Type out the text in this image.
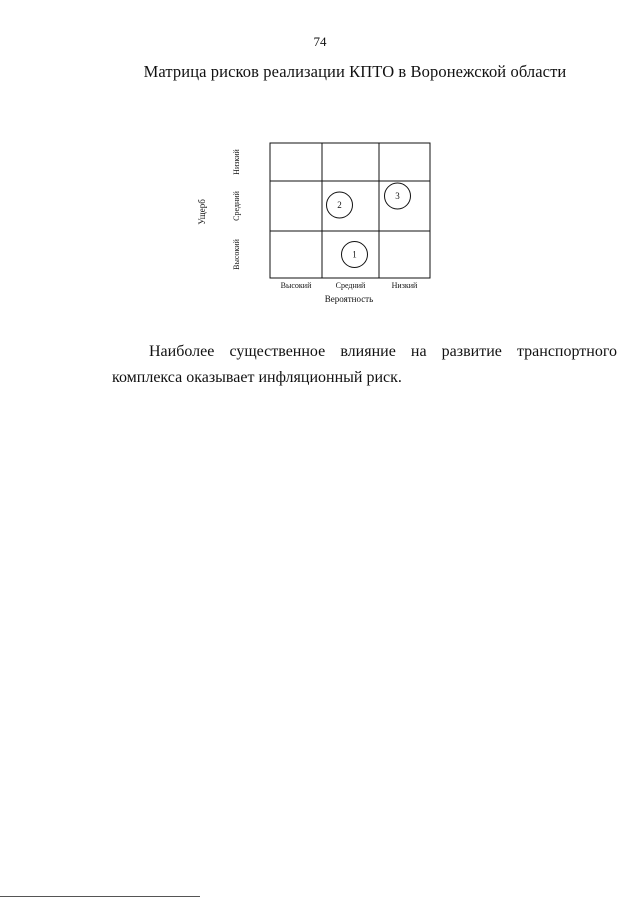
74
Матрица рисков реализации КПТО в Воронежской области
1
2
3
Высокий
Средний
Низкий
Высокий	Средний	Низкий
Вероятность
Ущерб
Наиболее существенное влияние на развитие транспортного комплекса оказывает инфляционный риск.
